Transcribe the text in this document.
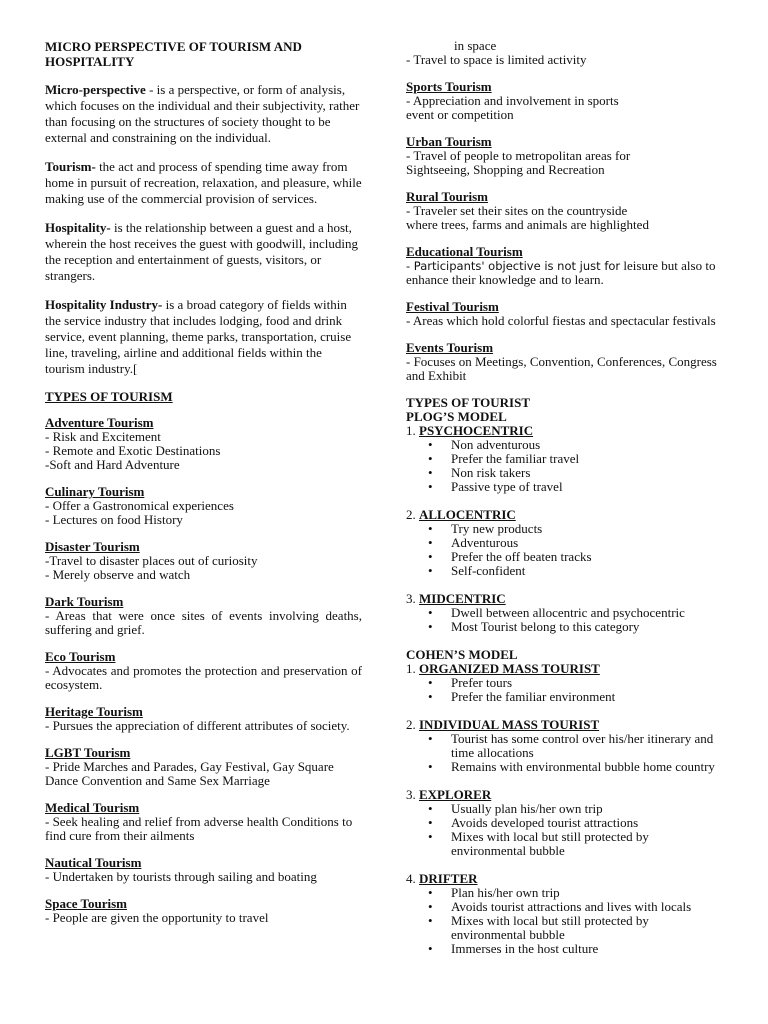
MICRO PERSPECTIVE OF TOURISM AND HOSPITALITY
Micro-perspective - is a perspective, or form of analysis, which focuses on the individual and their subjectivity, rather than focusing on the structures of society thought to be external and constraining on the individual.
Tourism- the act and process of spending time away from home in pursuit of recreation, relaxation, and pleasure, while making use of the commercial provision of services.
Hospitality- is the relationship between a guest and a host, wherein the host receives the guest with goodwill, including the reception and entertainment of guests, visitors, or strangers.
Hospitality Industry- is a broad category of fields within the service industry that includes lodging, food and drink service, event planning, theme parks, transportation, cruise line, traveling, airline and additional fields within the tourism industry.[
TYPES OF TOURISM
Adventure Tourism
- Risk and Excitement
- Remote and Exotic Destinations
-Soft and Hard Adventure
Culinary Tourism
- Offer a Gastronomical experiences
- Lectures on food History
Disaster Tourism
-Travel to disaster places out of curiosity
- Merely observe and watch
Dark Tourism
- Areas that were once sites of events involving deaths, suffering and grief.
Eco Tourism
- Advocates and promotes the protection and preservation of ecosystem.
Heritage Tourism
- Pursues the appreciation of different attributes of society.
LGBT Tourism
- Pride Marches and Parades, Gay Festival, Gay Square Dance Convention and Same Sex Marriage
Medical Tourism
- Seek healing and relief from adverse health Conditions to find cure from their ailments
Nautical Tourism
- Undertaken by tourists through sailing and boating
Space Tourism
- People are given the opportunity to travel
in space
- Travel to space is limited activity
Sports Tourism
- Appreciation and involvement in sports
event or competition
Urban Tourism
- Travel of people to metropolitan areas for
Sightseeing, Shopping and Recreation
Rural Tourism
- Traveler set their sites on the countryside
where trees, farms and animals are highlighted
Educational Tourism
- Participants' objective is not just for leisure but also to
enhance their knowledge and to learn.
Festival Tourism
- Areas which hold colorful fiestas and spectacular festivals
Events Tourism
- Focuses on Meetings, Convention, Conferences, Congress and Exhibit
TYPES OF TOURIST
PLOG’S MODEL
1. PSYCHOCENTRIC
• Non adventurous
• Prefer the familiar travel
• Non risk takers
• Passive type of travel
2. ALLOCENTRIC
• Try new products
• Adventurous
• Prefer the off beaten tracks
• Self-confident
3. MIDCENTRIC
• Dwell between allocentric and psychocentric
• Most Tourist belong to this category
COHEN’S MODEL
1. ORGANIZED MASS TOURIST
• Prefer tours
• Prefer the familiar environment
2. INDIVIDUAL MASS TOURIST
• Tourist has some control over his/her itinerary and time allocations
• Remains with environmental bubble home country
3. EXPLORER
• Usually plan his/her own trip
• Avoids developed tourist attractions
• Mixes with local but still protected by environmental bubble
4. DRIFTER
• Plan his/her own trip
• Avoids tourist attractions and lives with locals
• Mixes with local but still protected by environmental bubble
• Immerses in the host culture
